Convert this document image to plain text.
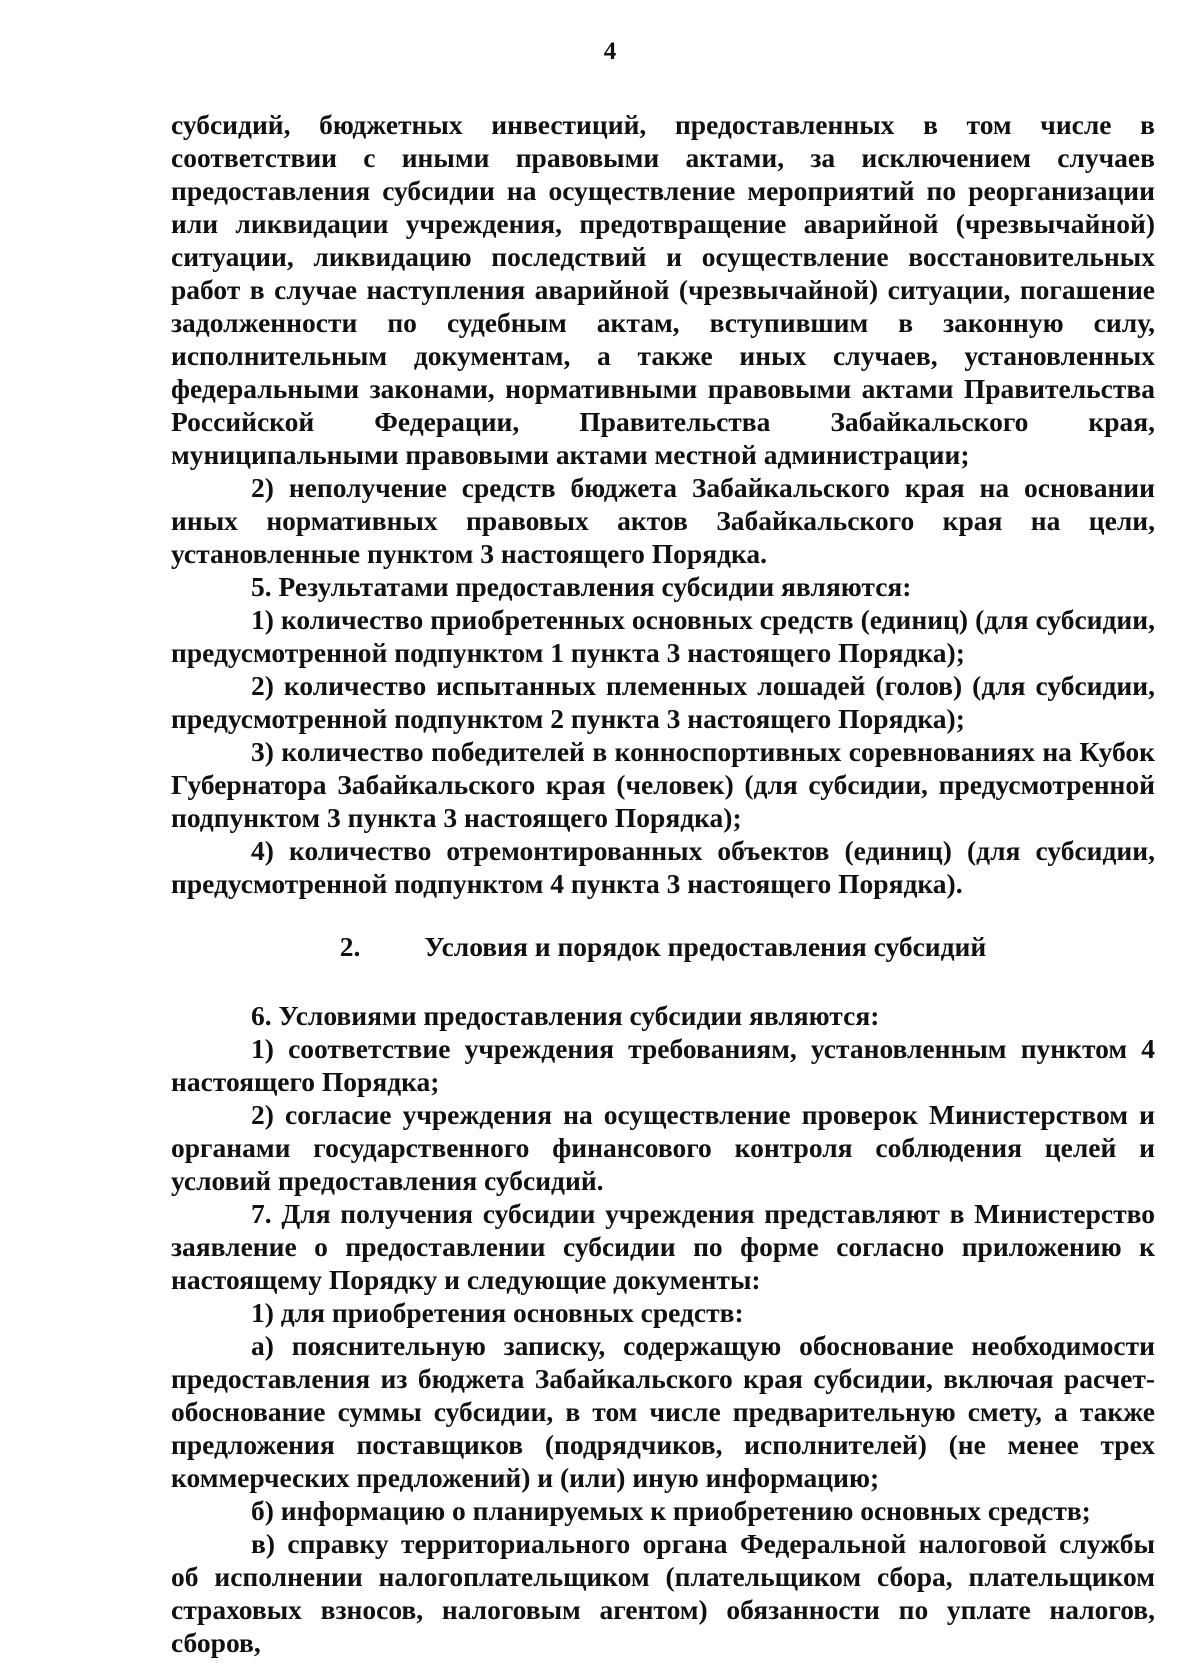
4

субсидий, бюджетных инвестиций, предоставленных в том числе в соответствии с иными правовыми актами, за исключением случаев предоставления субсидии на осуществление мероприятий по реорганизации или ликвидации учреждения, предотвращение аварийной (чрезвычайной) ситуации, ликвидацию последствий и осуществление восстановительных работ в случае наступления аварийной (чрезвычайной) ситуации, погашение задолженности по судебным актам, вступившим в законную силу, исполнительным документам, а также иных случаев, установленных федеральными законами, нормативными правовыми актами Правительства Российской Федерации, Правительства Забайкальского края, муниципальными правовыми актами местной администрации;

2) неполучение средств бюджета Забайкальского края на основании иных нормативных правовых актов Забайкальского края на цели, установленные пунктом 3 настоящего Порядка.

5. Результатами предоставления субсидии являются:

1) количество приобретенных основных средств (единиц) (для субсидии, предусмотренной подпунктом 1 пункта 3 настоящего Порядка);

2) количество испытанных племенных лошадей (голов) (для субсидии, предусмотренной подпунктом 2 пункта 3 настоящего Порядка);

3) количество победителей в конноспортивных соревнованиях на Кубок Губернатора Забайкальского края (человек) (для субсидии, предусмотренной подпунктом 3 пункта 3 настоящего Порядка);

4) количество отремонтированных объектов (единиц) (для субсидии, предусмотренной подпунктом 4 пункта 3 настоящего Порядка).

2. Условия и порядок предоставления субсидий

6. Условиями предоставления субсидии являются:

1) соответствие учреждения требованиям, установленным пунктом 4 настоящего Порядка;

2) согласие учреждения на осуществление проверок Министерством и органами государственного финансового контроля соблюдения целей и условий предоставления субсидий.

7. Для получения субсидии учреждения представляют в Министерство заявление о предоставлении субсидии по форме согласно приложению к настоящему Порядку и следующие документы:

1) для приобретения основных средств:

а) пояснительную записку, содержащую обоснование необходимости предоставления из бюджета Забайкальского края субсидии, включая расчет-обоснование суммы субсидии, в том числе предварительную смету, а также предложения поставщиков (подрядчиков, исполнителей) (не менее трех коммерческих предложений) и (или) иную информацию;

б) информацию о планируемых к приобретению основных средств;

в) справку территориального органа Федеральной налоговой службы об исполнении налогоплательщиком (плательщиком сбора, плательщиком страховых взносов, налоговым агентом) обязанности по уплате налогов, сборов,
